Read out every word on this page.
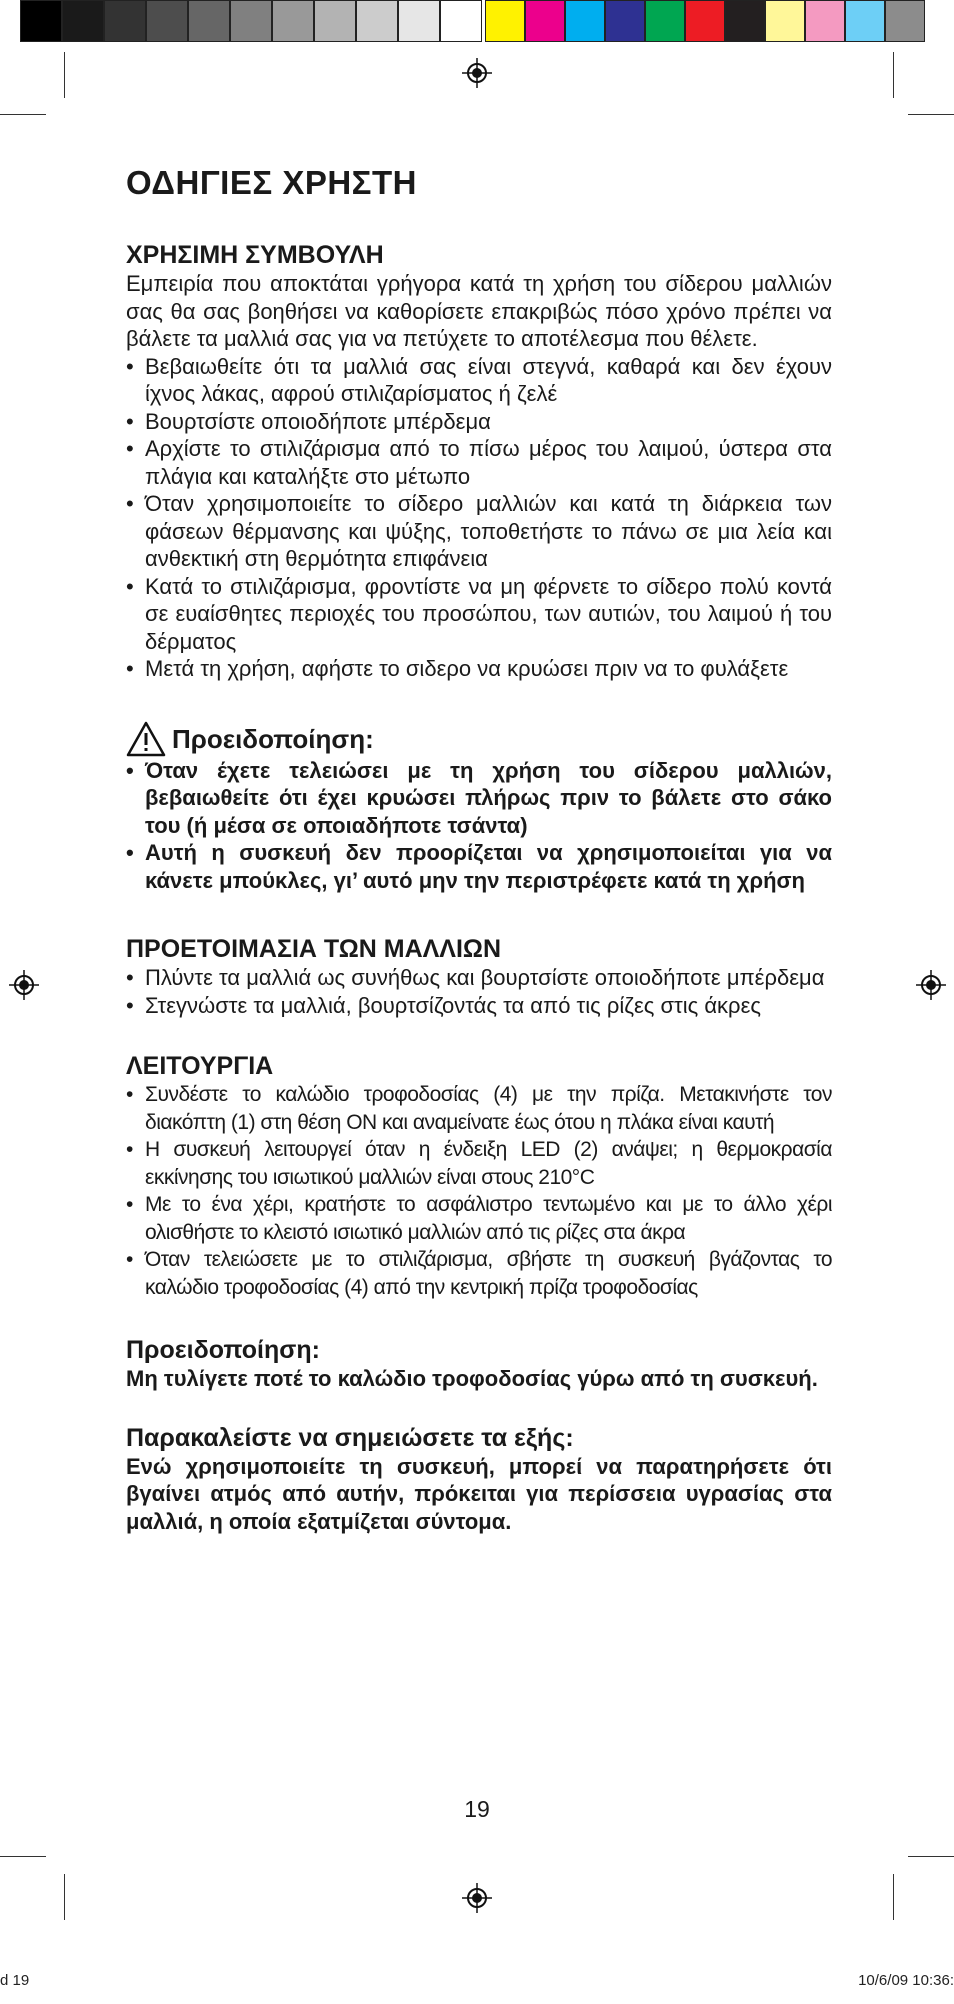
ΟΔΗΓΙΕΣ ΧΡΗΣΤΗ
ΧΡΗΣΙΜΗ ΣΥΜΒΟΥΛΗ

Εμπειρία που αποκτάται γρήγορα κατά τη χρήση του σίδερου μαλλιών σας θα σας βοηθήσει να καθορίσετε επακριβώς πόσο χρόνο πρέπει να βάλετε τα μαλλιά σας για να πετύχετε το αποτέλεσμα που θέλετε.

• Βεβαιωθείτε ότι τα μαλλιά σας είναι στεγνά, καθαρά και δεν έχουν ίχνος λάκας, αφρού στιλιζαρίσματος ή ζελέ
• Βουρτσίστε οποιοδήποτε μπέρδεμα
• Αρχίστε το στιλιζάρισμα από το πίσω μέρος του λαιμού, ύστερα στα πλάγια και καταλήξτε στο μέτωπο
• Όταν χρησιμοποιείτε το σίδερο μαλλιών και κατά τη διάρκεια των φάσεων θέρμανσης και ψύξης, τοποθετήστε το πάνω σε μια λεία και ανθεκτική στη θερμότητα επιφάνεια
• Κατά το στιλιζάρισμα, φροντίστε να μη φέρνετε το σίδερο πολύ κοντά σε ευαίσθητες περιοχές του προσώπου, των αυτιών, του λαιμού ή του δέρματος
• Μετά τη χρήση, αφήστε το σιδερο να κρυώσει πριν να το φυλάξετε
Προειδοποίηση:
• Όταν έχετε τελειώσει με τη χρήση του σίδερου μαλλιών, βεβαιωθείτε ότι έχει κρυώσει πλήρως πριν το βάλετε στο σάκο του (ή μέσα σε οποιαδήποτε τσάντα)
• Αυτή η συσκευή δεν προορίζεται να χρησιμοποιείται για να κάνετε μπούκλες, γι’ αυτό μην την περιστρέφετε κατά τη χρήση
ΠΡΟΕΤΟΙΜΑΣΙΑ ΤΩΝ ΜΑΛΛΙΩΝ
• Πλύντε τα μαλλιά ως συνήθως και βουρτσίστε οποιοδήποτε μπέρδεμα
• Στεγνώστε τα μαλλιά, βουρτσίζοντάς τα από τις ρίζες στις άκρες
ΛΕΙΤΟΥΡΓΙΑ
• Συνδέστε το καλώδιο τροφοδοσίας (4) με την πρίζα. Μετακινήστε τον διακόπτη (1) στη θέση ON και αναμείνατε έως ότου η πλάκα είναι καυτή
• Η συσκευή λειτουργεί όταν η ένδειξη LED (2) ανάψει; η θερμοκρασία εκκίνησης του ισιωτικού μαλλιών είναι στους 210°C
• Με το ένα χέρι, κρατήστε το ασφάλιστρο τεντωμένο και με το άλλο χέρι ολισθήστε το κλειστό ισιωτικό μαλλιών από τις ρίζες στα άκρα
• Όταν τελειώσετε με το στιλιζάρισμα, σβήστε τη συσκευή βγάζοντας το καλώδιο τροφοδοσίας (4) από την κεντρική πρίζα τροφοδοσίας
Προειδοποίηση:

Μη τυλίγετε ποτέ το καλώδιο τροφοδοσίας γύρω από τη συσκευή.

Παρακαλείστε να σημειώσετε τα εξής:

Ενώ χρησιμοποιείτε τη συσκευή, μπορεί να παρατηρήσετε ότι βγαίνει ατμός από αυτήν, πρόκειται για περίσσεια υγρασίας στα μαλλιά, η οποία εξατμίζεται σύντομα.

19
d 19	10/6/09 10:36:
